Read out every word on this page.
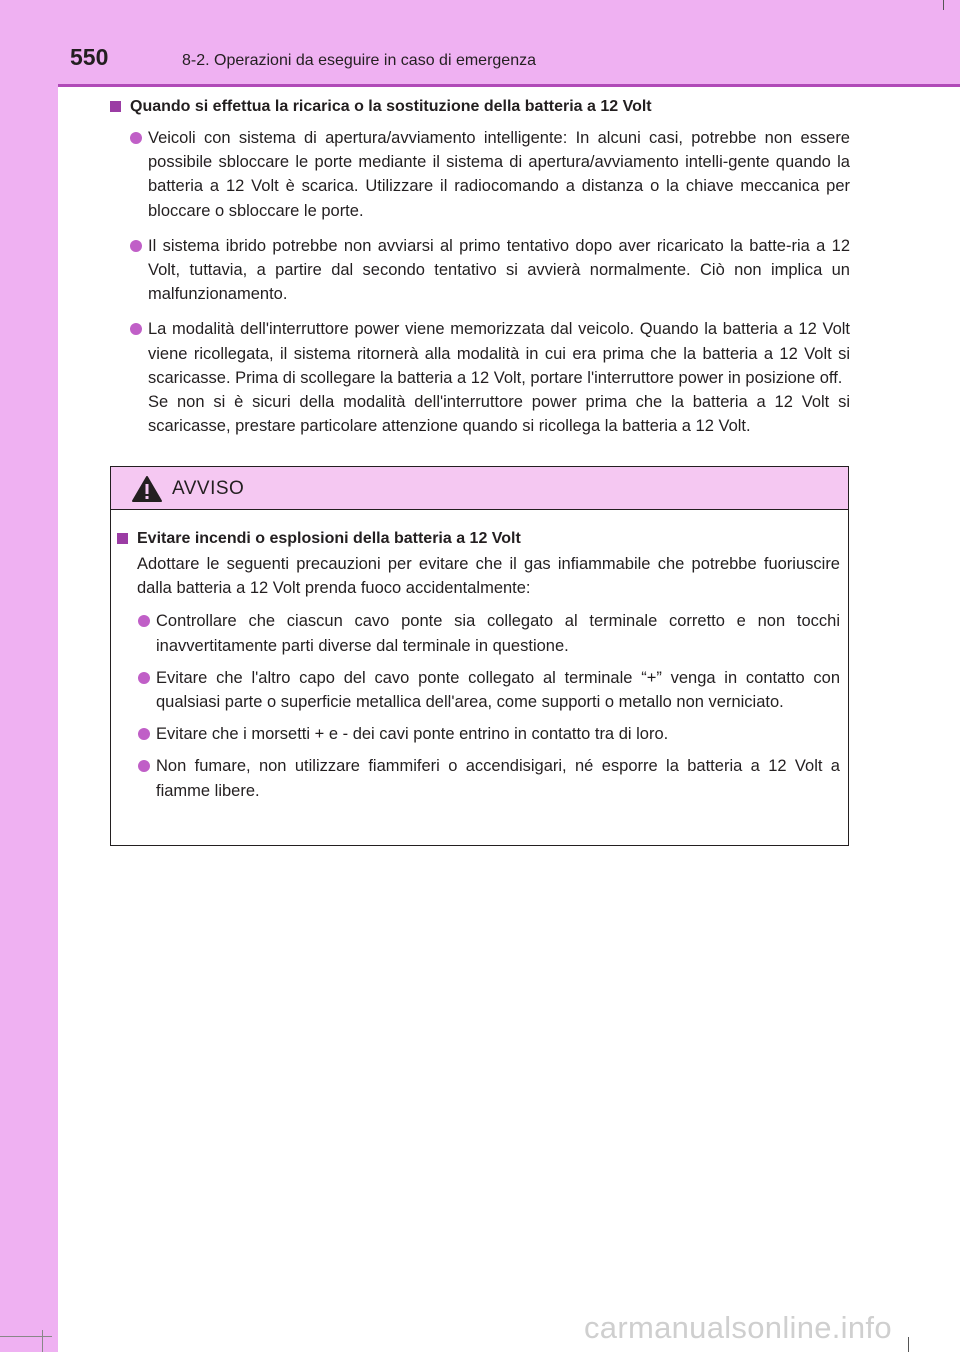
550	8-2. Operazioni da eseguire in caso di emergenza
Quando si effettua la ricarica o la sostituzione della batteria a 12 Volt
Veicoli con sistema di apertura/avviamento intelligente: In alcuni casi, potrebbe non essere possibile sbloccare le porte mediante il sistema di apertura/avviamento intelli-gente quando la batteria a 12 Volt è scarica. Utilizzare il radiocomando a distanza o la chiave meccanica per bloccare o sbloccare le porte.
Il sistema ibrido potrebbe non avviarsi al primo tentativo dopo aver ricaricato la batte-ria a 12 Volt, tuttavia, a partire dal secondo tentativo si avvierà normalmente. Ciò non implica un malfunzionamento.
La modalità dell'interruttore power viene memorizzata dal veicolo. Quando la batteria a 12 Volt viene ricollegata, il sistema ritornerà alla modalità in cui era prima che la batteria a 12 Volt si scaricasse. Prima di scollegare la batteria a 12 Volt, portare l'interruttore power in posizione off.
Se non si è sicuri della modalità dell'interruttore power prima che la batteria a 12 Volt si scaricasse, prestare particolare attenzione quando si ricollega la batteria a 12 Volt.
AVVISO
Evitare incendi o esplosioni della batteria a 12 Volt
Adottare le seguenti precauzioni per evitare che il gas infiammabile che potrebbe fuoriuscire dalla batteria a 12 Volt prenda fuoco accidentalmente:
Controllare che ciascun cavo ponte sia collegato al terminale corretto e non tocchi inavvertitamente parti diverse dal terminale in questione.
Evitare che l'altro capo del cavo ponte collegato al terminale “+” venga in contatto con qualsiasi parte o superficie metallica dell'area, come supporti o metallo non verniciato.
Evitare che i morsetti + e - dei cavi ponte entrino in contatto tra di loro.
Non fumare, non utilizzare fiammiferi o accendisigari, né esporre la batteria a 12 Volt a fiamme libere.
carmanualsonline.info
